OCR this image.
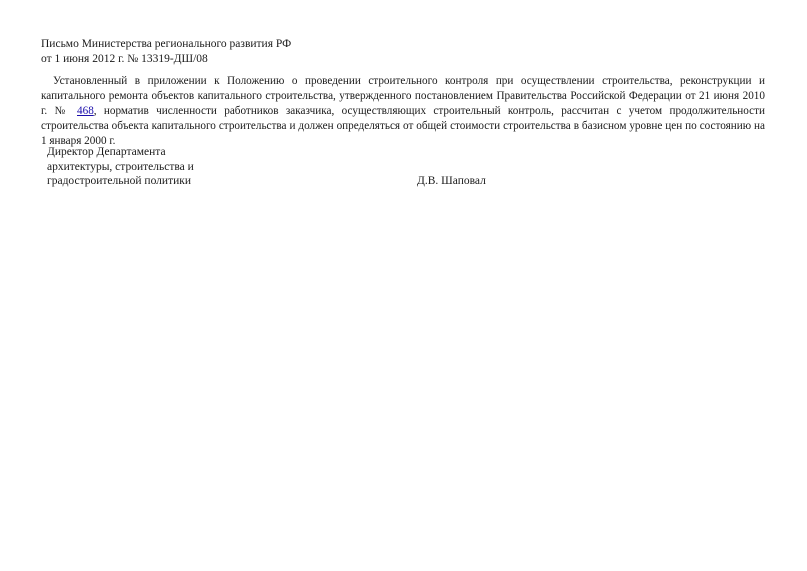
Письмо Министерства регионального развития РФ
от 1 июня 2012 г. № 13319-ДШ/08
Установленный в приложении к Положению о проведении строительного контроля при осуществлении строительства, реконструкции и капитального ремонта объектов капитального строительства, утвержденного постановлением Правительства Российской Федерации от 21 июня 2010 г. № 468, норматив численности работников заказчика, осуществляющих строительный контроль, рассчитан с учетом продолжительности строительства объекта капитального строительства и должен определяться от общей стоимости строительства в базисном уровне цен по состоянию на 1 января 2000 г.
Директор Департамента
архитектуры, строительства и
градостроительной политики	Д.В. Шаповал
